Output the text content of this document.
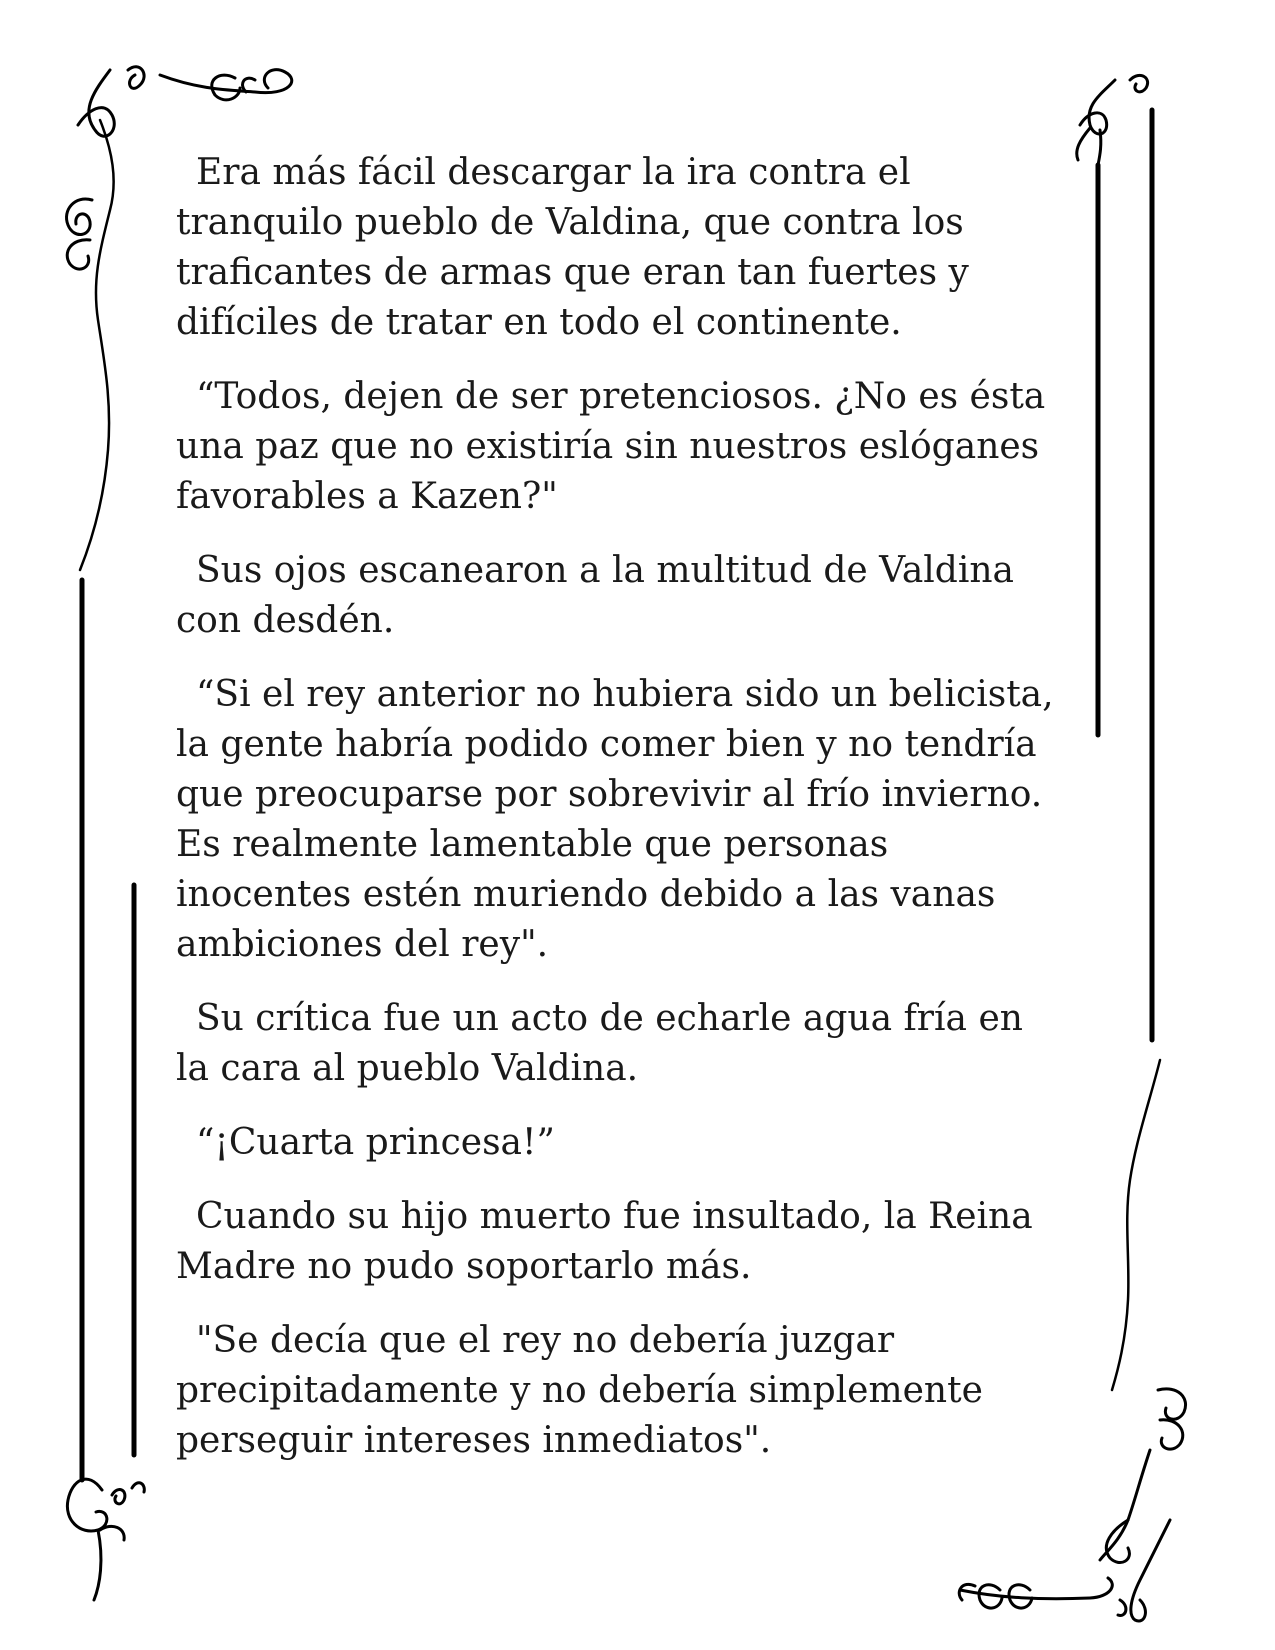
Era más fácil descargar la ira contra el
tranquilo pueblo de Valdina, que contra los
traficantes de armas que eran tan fuertes y
difíciles de tratar en todo el continente.

“Todos, dejen de ser pretenciosos. ¿No es ésta
una paz que no existiría sin nuestros eslóganes
favorables a Kazen?"

Sus ojos escanearon a la multitud de Valdina
con desdén.

“Si el rey anterior no hubiera sido un belicista,
la gente habría podido comer bien y no tendría
que preocuparse por sobrevivir al frío invierno.
Es realmente lamentable que personas
inocentes estén muriendo debido a las vanas
ambiciones del rey".

Su crítica fue un acto de echarle agua fría en
la cara al pueblo Valdina.

“¡Cuarta princesa!”

Cuando su hijo muerto fue insultado, la Reina
Madre no pudo soportarlo más.

"Se decía que el rey no debería juzgar
precipitadamente y no debería simplemente
perseguir intereses inmediatos".
